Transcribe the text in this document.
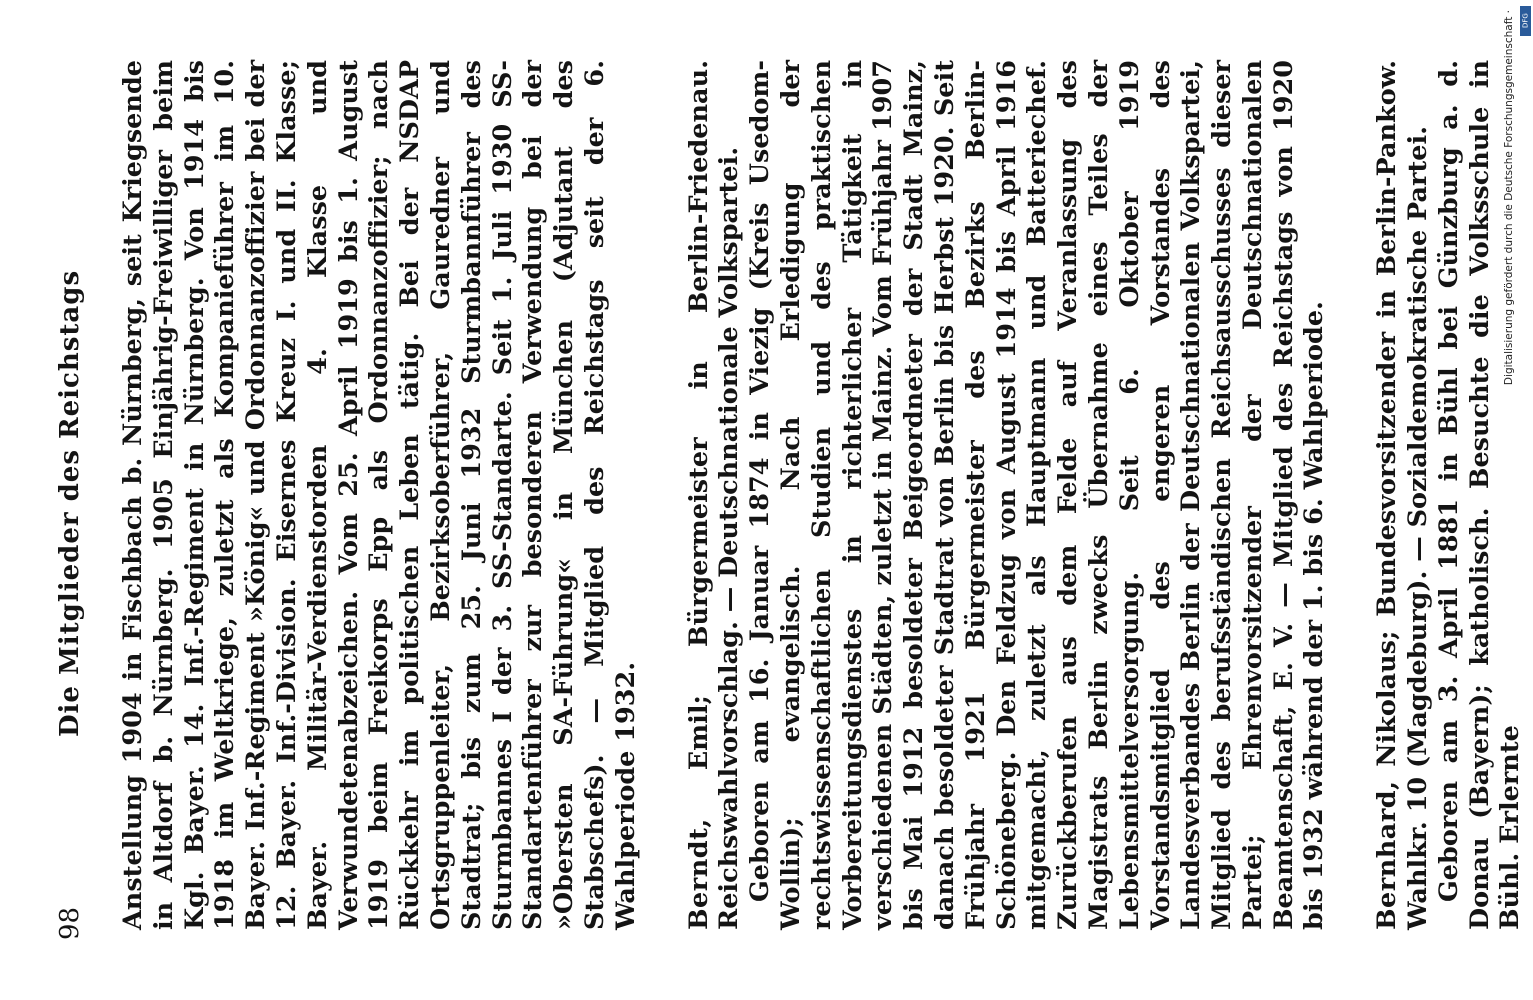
98
Die Mitglieder des Reichstags Anstellung 1904 in Fischbach b. Nürnberg, seit Kriegsende in Altdorf b. Nürnberg. 1905 Einjährig-Freiwilliger beim Kgl. Bayer. 14. Inf.-Regiment in Nürnberg. Von 1914 bis 1918 im Weltkriege, zuletzt als Kompanieführer im 10. Bayer. Inf.-Regiment »König« und Ordonnanzoffizier bei der 12. Bayer. Inf.-Division. Eisernes Kreuz I. und II. Klasse; Bayer. Militär-Verdienstorden 4. Klasse und Verwundetenabzeichen. Vom 25. April 1919 bis 1. August 1919 beim Freikorps Epp als Ordonnanzoffizier; nach Rückkehr im politischen Leben tätig. Bei der NSDAP Ortsgruppenleiter, Bezirksoberführer, Gauredner und Stadtrat; bis zum 25. Juni 1932 Sturmbannführer des Sturmbannes I der 3. SS-Standarte. Seit 1. Juli 1930 SS-Standartenführer zur besonderen Verwendung bei der »Obersten SA-Führung« in München (Adjutant des Stabschefs). — Mitglied des Reichstags seit der 6. Wahlperiode 1932. Berndt, Emil; Bürgermeister in Berlin-Friedenau. Reichswahlvorschlag. — Deutschnationale Volkspartei. Geboren am 16. Januar 1874 in Viezig (Kreis Usedom-Wollin); evangelisch. Nach Erledigung der rechtswissenschaftlichen Studien und des praktischen Vorbereitungsdienstes in richterlicher Tätigkeit in verschiedenen Städten, zuletzt in Mainz. Vom Frühjahr 1907 bis Mai 1912 besoldeter Beigeordneter der Stadt Mainz, danach besoldeter Stadtrat von Berlin bis Herbst 1920. Seit Frühjahr 1921 Bürgermeister des Bezirks Berlin-Schöneberg. Den Feldzug von August 1914 bis April 1916 mitgemacht, zuletzt als Hauptmann und Batteriechef. Zurückberufen aus dem Felde auf Veranlassung des Magistrats Berlin zwecks Übernahme eines Teiles der Lebensmittelversorgung. Seit 6. Oktober 1919 Vorstandsmitglied des engeren Vorstandes des Landesverbandes Berlin der Deutschnationalen Volkspartei, Mitglied des berufsständischen Reichsausschusses dieser Partei; Ehrenvorsitzender der Deutschnationalen Beamtenschaft, E. V. — Mitglied des Reichstags von 1920 bis 1932 während der 1. bis 6. Wahlperiode. Bernhard, Nikolaus; Bundesvorsitzender in Berlin-Pankow. Wahlkr. 10 (Magdeburg). — Sozialdemokratische Partei. Geboren am 3. April 1881 in Bühl bei Günzburg a. d. Donau (Bayern); katholisch. Besuchte die Volksschule in Bühl. Erlernte

Digitalisierung gefördert durch die Deutsche Forschungsgemeinschaft · DFG
